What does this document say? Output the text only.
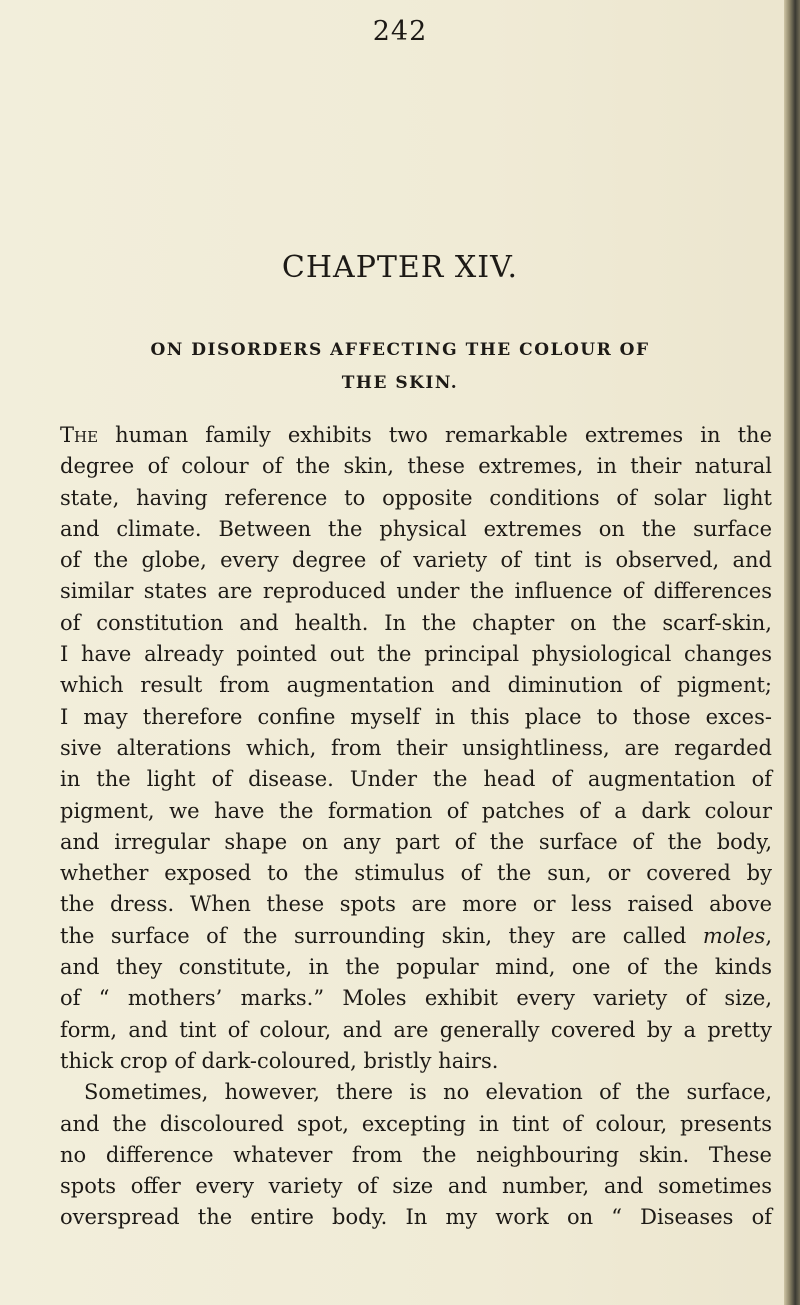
242
CHAPTER XIV.
ON DISORDERS AFFECTING THE COLOUR OF
THE SKIN.
The human family exhibits two remarkable extremes in the
degree of colour of the skin, these extremes, in their natural
state, having reference to opposite conditions of solar light
and climate. Between the physical extremes on the surface
of the globe, every degree of variety of tint is observed, and
similar states are reproduced under the influence of differences
of constitution and health. In the chapter on the scarf-skin,
I have already pointed out the principal physiological changes
which result from augmentation and diminution of pigment;
I may therefore confine myself in this place to those exces-
sive alterations which, from their unsightliness, are regarded
in the light of disease. Under the head of augmentation of
pigment, we have the formation of patches of a dark colour
and irregular shape on any part of the surface of the body,
whether exposed to the stimulus of the sun, or covered by
the dress. When these spots are more or less raised above
the surface of the surrounding skin, they are called moles,
and they constitute, in the popular mind, one of the kinds
of “ mothers’ marks.” Moles exhibit every variety of size,
form, and tint of colour, and are generally covered by a pretty
thick crop of dark-coloured, bristly hairs.
Sometimes, however, there is no elevation of the surface,
and the discoloured spot, excepting in tint of colour, presents
no difference whatever from the neighbouring skin. These
spots offer every variety of size and number, and sometimes
overspread the entire body. In my work on “ Diseases of
